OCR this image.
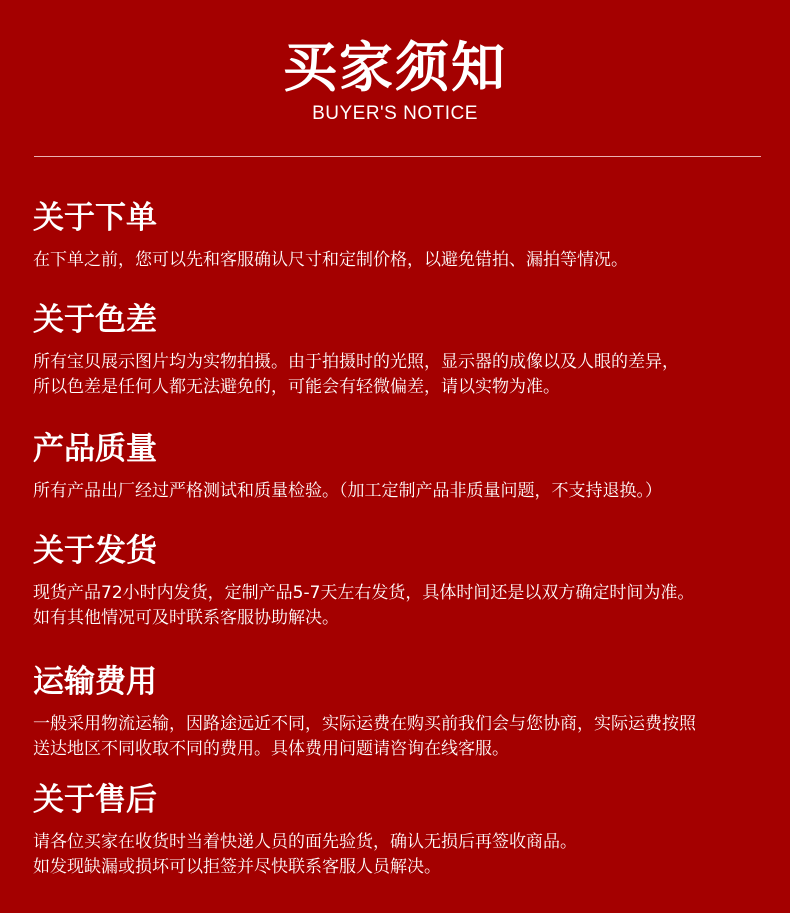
买家须知
BUYER'S NOTICE
关于下单
在下单之前，您可以先和客服确认尺寸和定制价格，以避免错拍、漏拍等情况。
关于色差
所有宝贝展示图片均为实物拍摄。由于拍摄时的光照，显示器的成像以及人眼的差异，
所以色差是任何人都无法避免的，可能会有轻微偏差，请以实物为准。
产品质量
所有产品出厂经过严格测试和质量检验。（加工定制产品非质量问题，不支持退换。）
关于发货
现货产品72小时内发货，定制产品5-7天左右发货，具体时间还是以双方确定时间为准。
如有其他情况可及时联系客服协助解决。
运输费用
一般采用物流运输，因路途远近不同，实际运费在购买前我们会与您协商，实际运费按照
送达地区不同收取不同的费用。具体费用问题请咨询在线客服。
关于售后
请各位买家在收货时当着快递人员的面先验货，确认无损后再签收商品。
如发现缺漏或损坏可以拒签并尽快联系客服人员解决。
